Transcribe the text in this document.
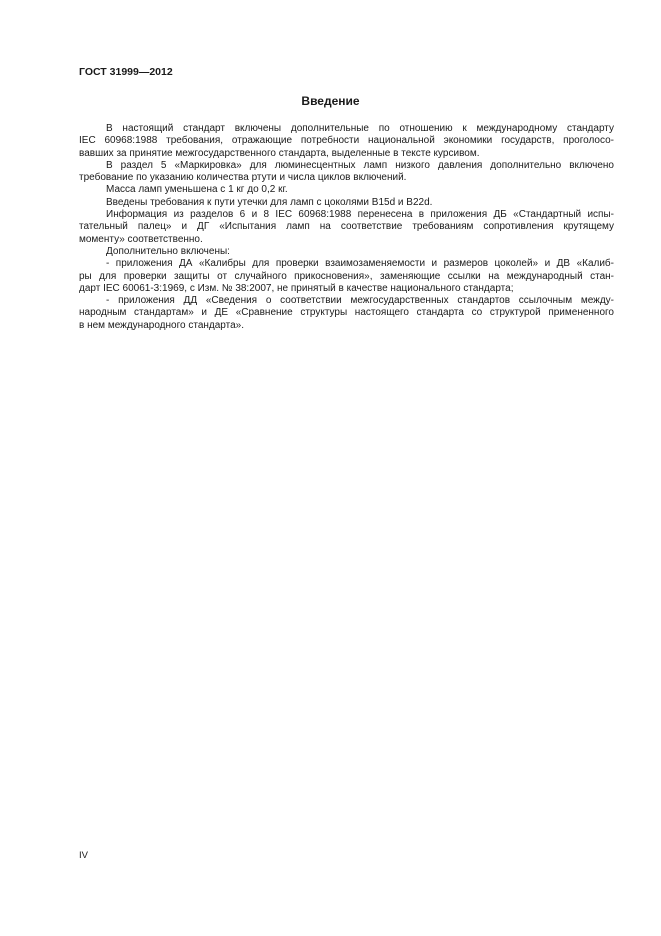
ГОСТ 31999—2012
Введение
В настоящий стандарт включены дополнительные по отношению к международному стандарту
IEC 60968:1988 требования, отражающие потребности национальной экономики государств, проголосо-
вавших за принятие межгосударственного стандарта, выделенные в тексте курсивом.
В раздел 5 «Маркировка» для люминесцентных ламп низкого давления дополнительно включено
требование по указанию количества ртути и числа циклов включений.
Масса ламп уменьшена с 1 кг до 0,2 кг.
Введены требования к пути утечки для ламп с цоколями B15d и B22d.
Информация из разделов 6 и 8 IEC 60968:1988 перенесена в приложения ДБ «Стандартный испы-
тательный палец» и ДГ «Испытания ламп на соответствие требованиям сопротивления крутящему
моменту» соответственно.
Дополнительно включены:
- приложения ДА «Калибры для проверки взаимозаменяемости и размеров цоколей» и ДВ «Калиб-
ры для проверки защиты от случайного прикосновения», заменяющие ссылки на международный стан-
дарт IEC 60061-3:1969, с Изм. № 38:2007, не принятый в качестве национального стандарта;
- приложения ДД «Сведения о соответствии межгосударственных стандартов ссылочным между-
народным стандартам» и ДЕ «Сравнение структуры настоящего стандарта со структурой примененного
в нем международного стандарта».
IV
